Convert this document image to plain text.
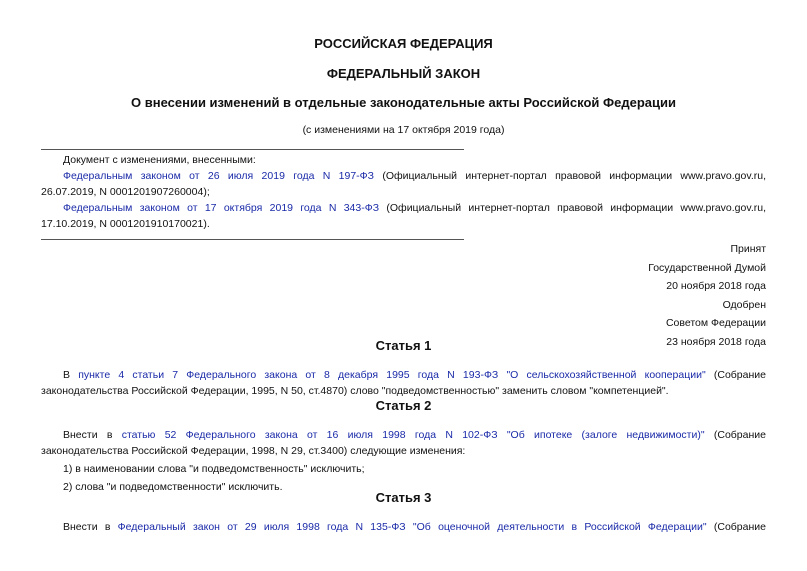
РОССИЙСКАЯ ФЕДЕРАЦИЯ
ФЕДЕРАЛЬНЫЙ ЗАКОН
О внесении изменений в отдельные законодательные акты Российской Федерации
(с изменениями на 17 октября 2019 года)
Документ с изменениями, внесенными:
Федеральным законом от 26 июля 2019 года N 197-ФЗ (Официальный интернет-портал правовой информации www.pravo.gov.ru,
26.07.2019, N 0001201907260004);
Федеральным законом от 17 октября 2019 года N 343-ФЗ (Официальный интернет-портал правовой информации www.pravo.gov.ru,
17.10.2019, N 0001201910170021).
Принят
Государственной Думой
20 ноября 2018 года
Одобрен
Советом Федерации
23 ноября 2018 года
Статья 1
В пункте 4 статьи 7 Федерального закона от 8 декабря 1995 года N 193-ФЗ "О сельскохозяйственной кооперации" (Собрание
законодательства Российской Федерации, 1995, N 50, ст.4870) слово "подведомственностью" заменить словом "компетенцией".
Статья 2
Внести в статью 52 Федерального закона от 16 июля 1998 года N 102-ФЗ "Об ипотеке (залоге недвижимости)" (Собрание
законодательства Российской Федерации, 1998, N 29, ст.3400) следующие изменения:
1) в наименовании слова "и подведомственность" исключить;
2) слова "и подведомственности" исключить.
Статья 3
Внести в Федеральный закон от 29 июля 1998 года N 135-ФЗ "Об оценочной деятельности в Российской Федерации" (Собрание
